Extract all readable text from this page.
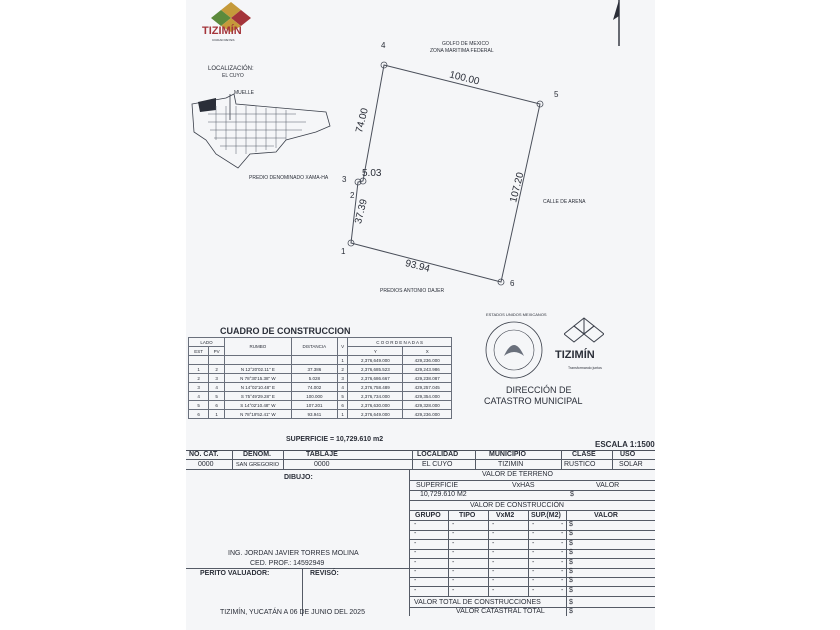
TIZIMÍN
CIUDAD REYES
LOCALIZACIÓN:
EL CUYO
MUELLE
4
5
6
1
2
3
100.00
74.00
5.03
37.39
107.20
93.94
GOLFO DE MEXICO
ZONA MARITIMA FEDERAL
PREDIO DENOMINADO XAMA-HA
CALLE DE ARENA
PREDIOS ANTONIO DAJER
CUADRO DE CONSTRUCCION
LADO		RUMBO	DISTANCIA	V	C O O R D E N A D A S	
EST	PV				Y	X
				1	2,376,649.000	429,236.000
1	2	N 12°20'02.11" E	37.386	2	2,376,685.523	429,243.986
2	3	N 78°30'15.38" W	5.028	3	2,376,686.667	429,238.087
3	4	N 14°02'10.48" E	74.002	4	2,376,758.489	429,257.045
4	5	S 75°49'29.28" E	100.000	5	2,376,734.000	429,354.000
5	6	S 14°02'10.48" W	107.201	6	2,376,630.000	429,328.000
6	1	N 78°19'52.41" W	93.941	1	2,376,649.000	429,236.000
SUPERFICIE = 10,729.610 m2
ESTADOS UNIDOS MEXICANOS
TIZIMÍN
Transformando juntos
DIRECCIÓN DE
CATASTRO MUNICIPAL
ESCALA 1:1500
NO. CAT.	DENOM.	TABLAJE	LOCALIDAD	MUNICIPIO	CLASE	USO
0000	SAN GREGORIO	0000	EL CUYO	TIZIMIN	RUSTICO	SOLAR
DIBUJO:	VALOR DE TERRENO
SUPERFICIE	VxHAS	VALOR
10,729.610 M2	$
VALOR DE CONSTRUCCIÓN
GRUPO	TIPO	VxM2 SUP.(M2)	VALOR
-	-	-	-	- $
-	-	-	-	- $
-	-	-	-	- $
-	-	-	-	- $
-	-	-	-	- $
-	-	-	-	- $
-	-	-	-	- $
-	-	-	-	- $
VALOR TOTAL DE CONSTRUCCIONES	$
VALOR CATASTRAL TOTAL	$
ING. JORDAN JAVIER TORRES MOLINA
CED. PROF.: 14592949
PERITO VALUADOR:	REVISÓ:
TIZIMÍN, YUCATÁN A 06 DE JUNIO DEL 2025
